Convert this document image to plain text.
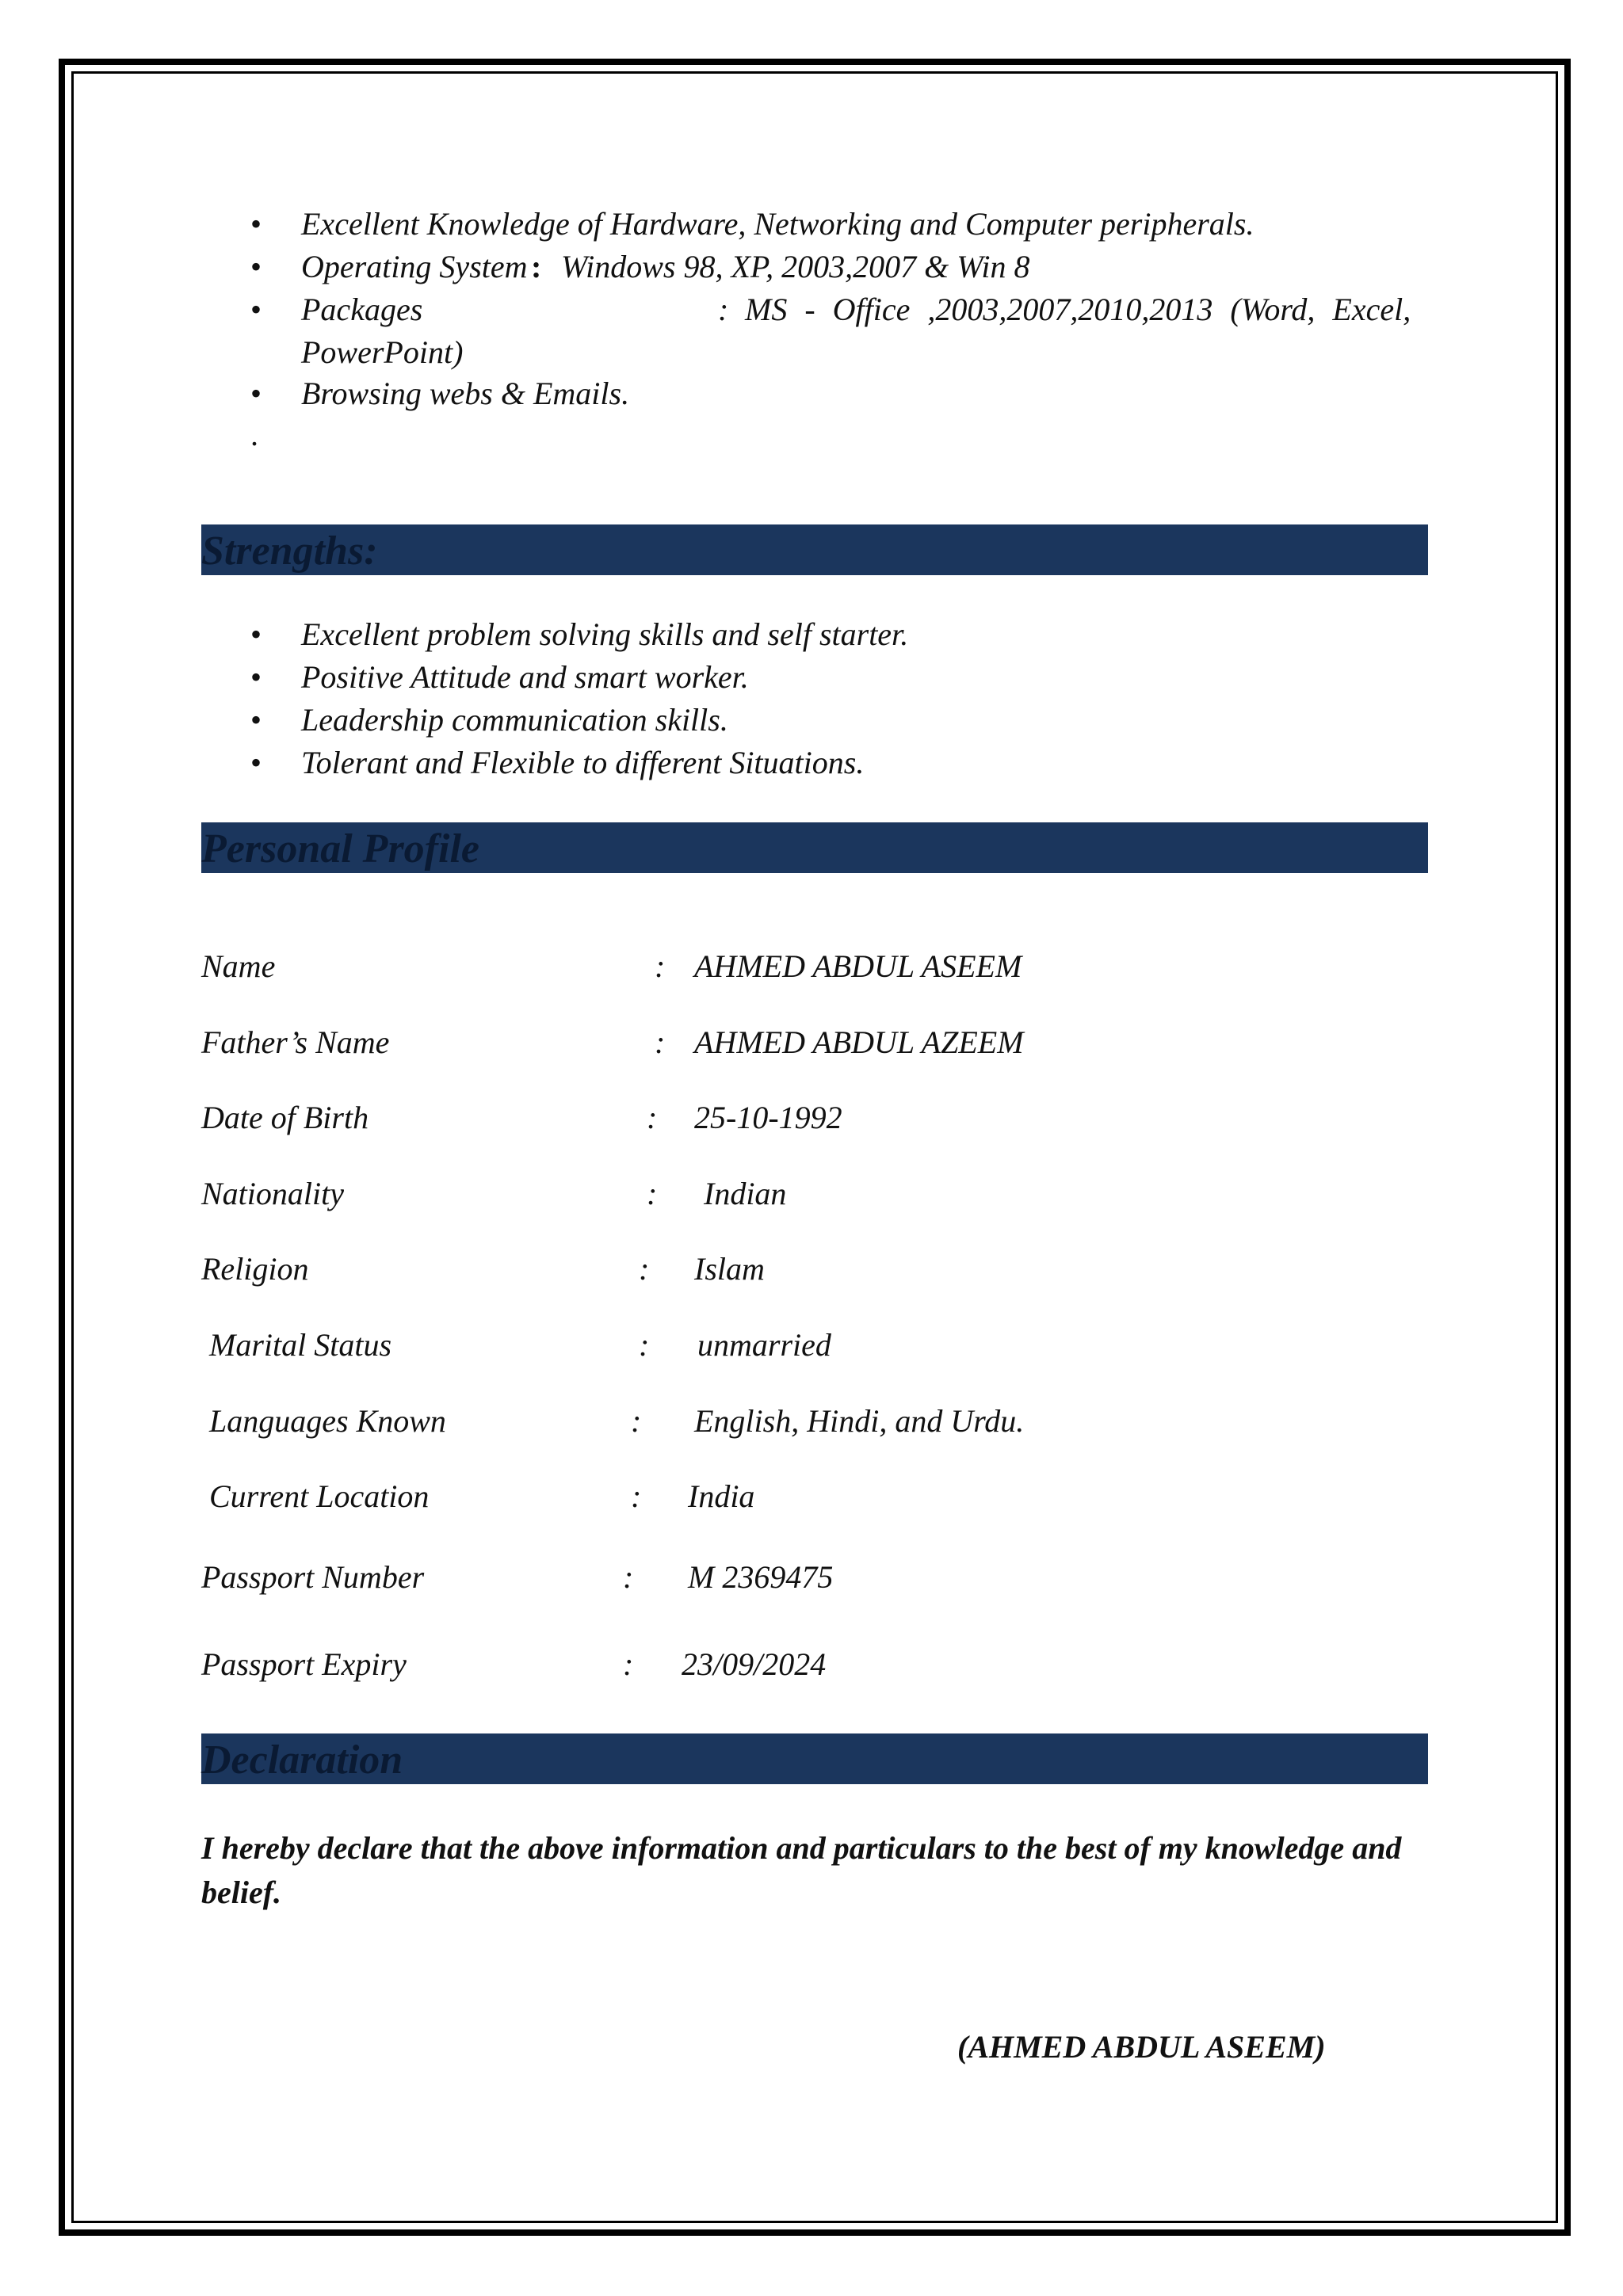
• Excellent Knowledge of Hardware, Networking and Computer peripherals.
• Operating System : Windows 98, XP, 2003,2007 & Win 8
• Packages	: MS - Office ,2003,2007,2010,2013 (Word, Excel,
PowerPoint)
• Browsing webs & Emails.
.
Strengths:
• Excellent problem solving skills and self starter.
• Positive Attitude and smart worker.
• Leadership communication skills.
• Tolerant and Flexible to different Situations.
Personal Profile
Name	: AHMED ABDUL ASEEM
Father’s Name	: AHMED ABDUL AZEEM
Date of Birth	: 25-10-1992
Nationality	: Indian
Religion	: Islam
Marital Status	: unmarried
Languages Known	: English, Hindi, and Urdu.
Current Location	: India
Passport Number	: M 2369475
Passport Expiry	: 23/09/2024
Declaration
I hereby declare that the above information and particulars to the best of my knowledge and belief.
(AHMED ABDUL ASEEM)
